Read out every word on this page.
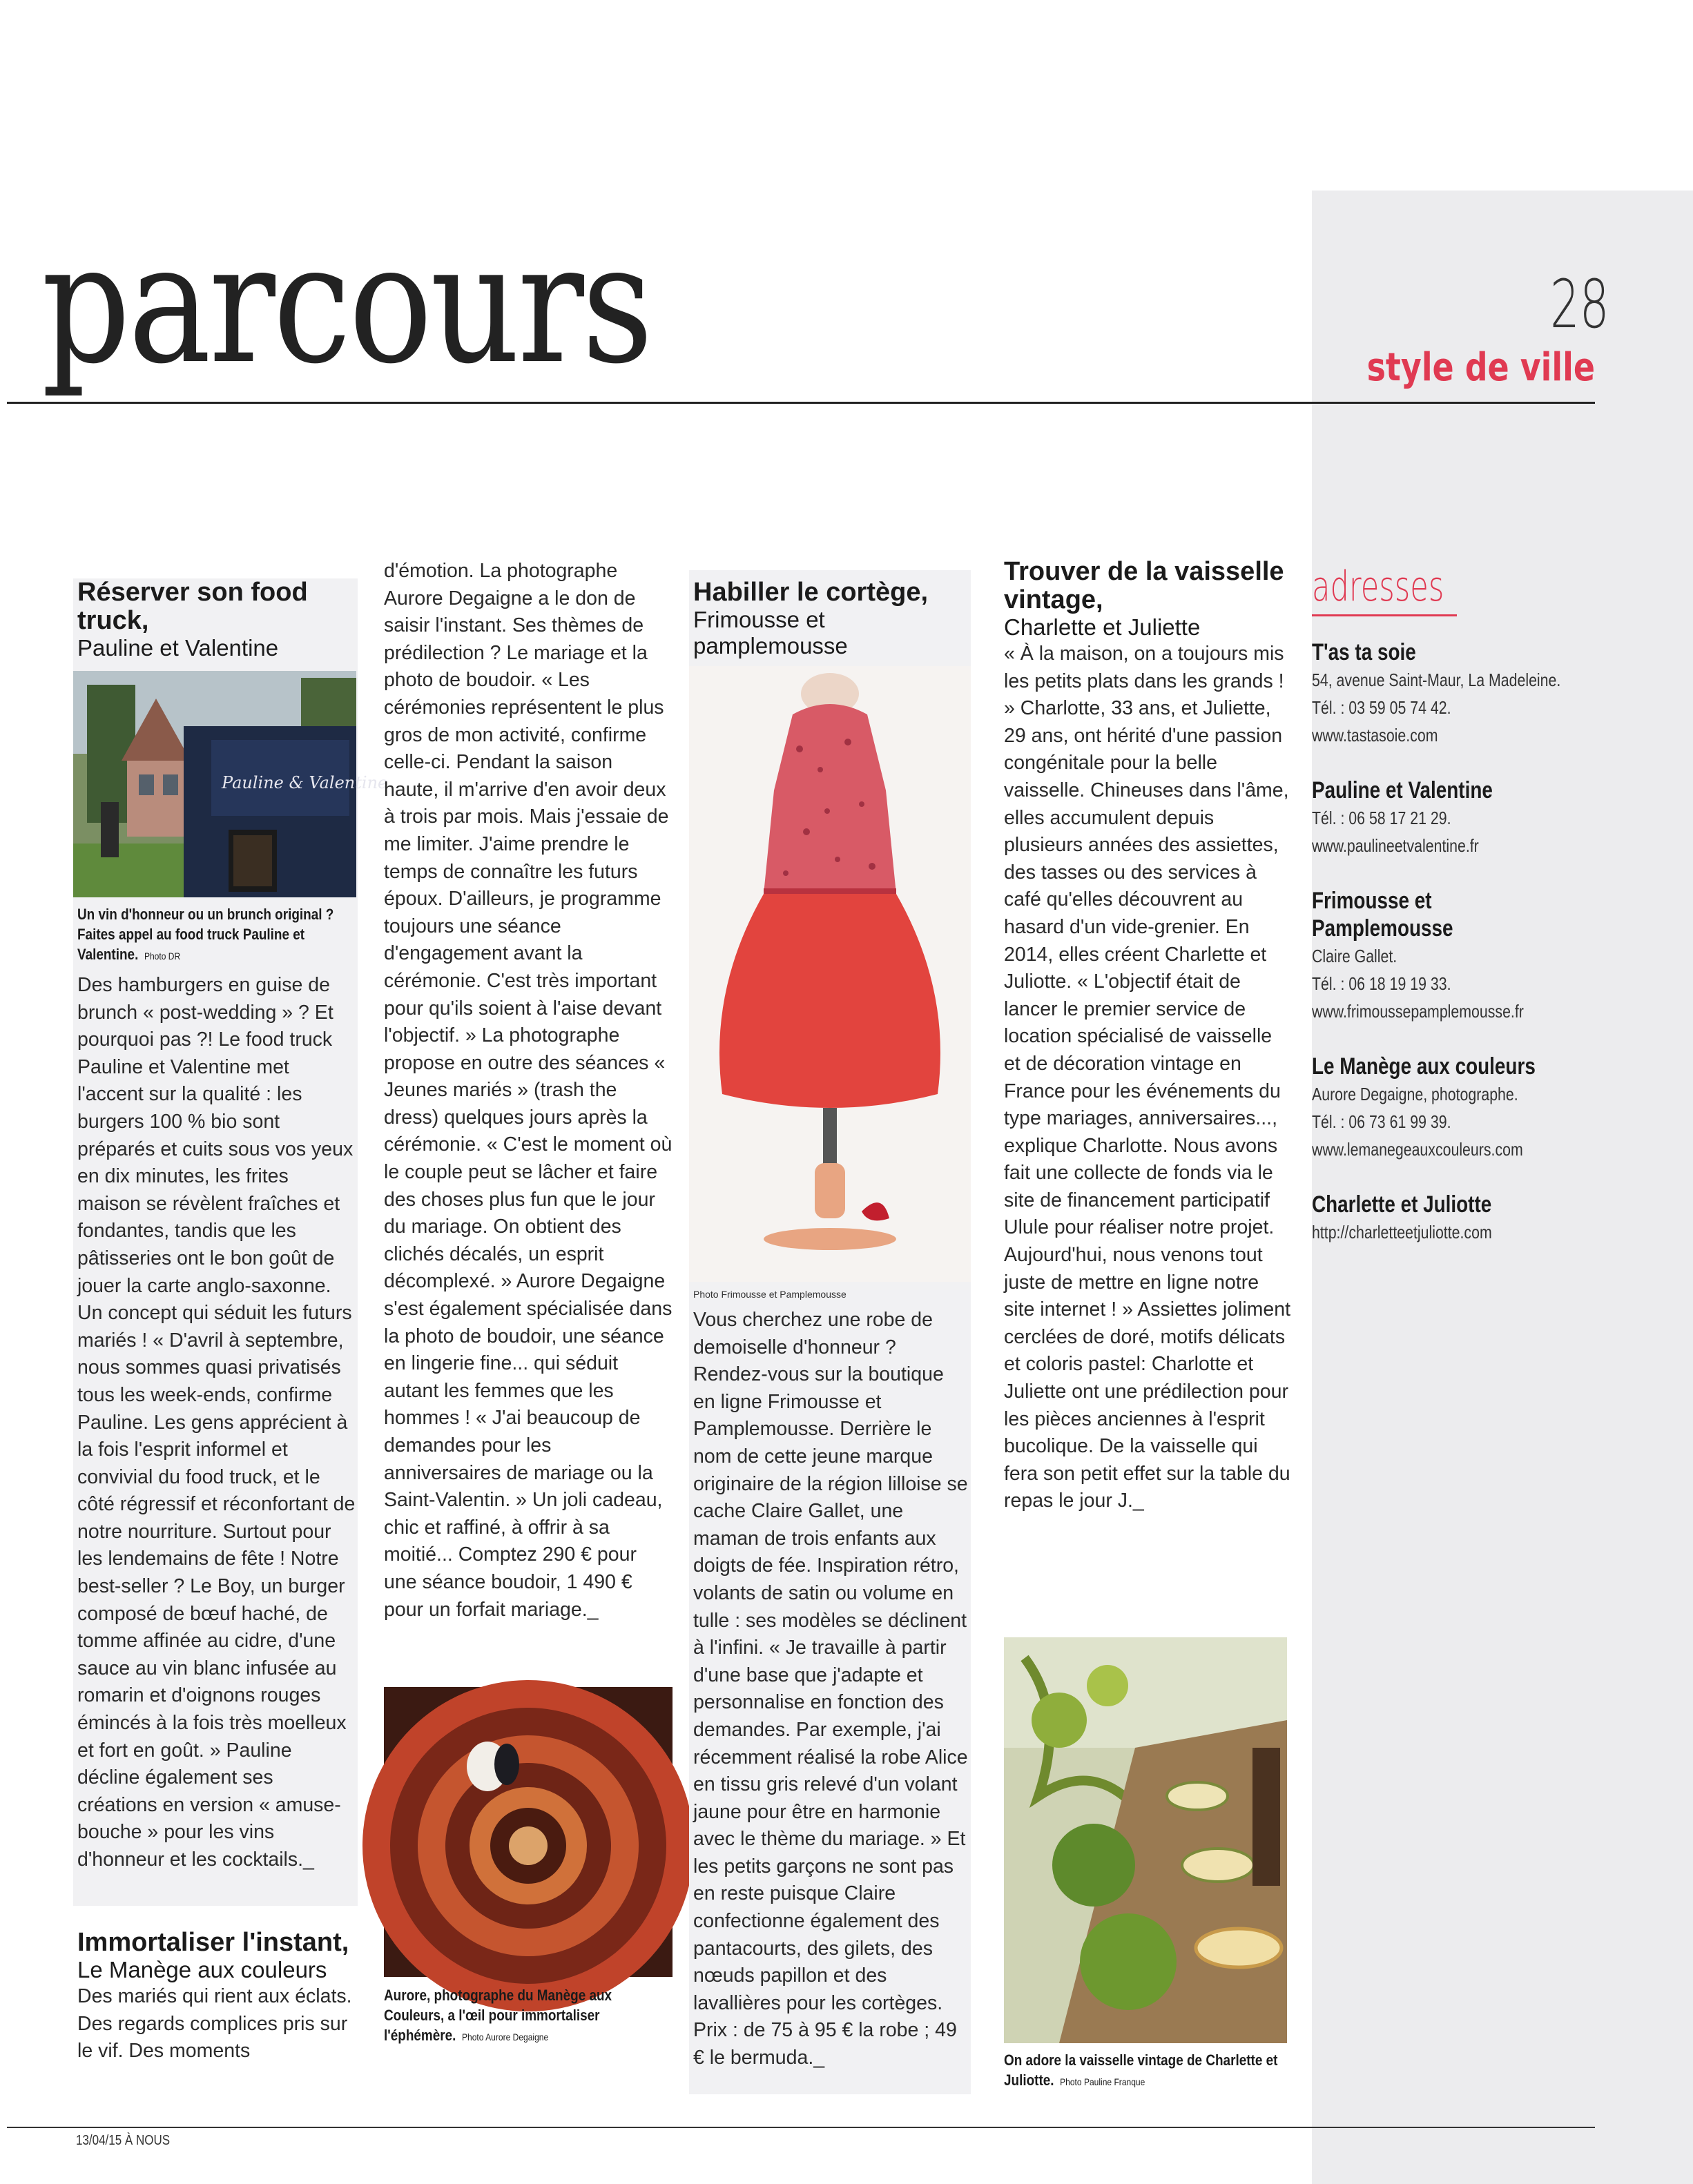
parcours	28
style de ville
Réserver son food truck,
Pauline et Valentine
Pauline & Valentine
Un vin d'honneur ou un brunch original ? Faites appel au food truck Pauline et Valentine. Photo DR
Des hamburgers en guise de brunch « post-wedding » ? Et pourquoi pas ?! Le food truck Pauline et Valentine met l'accent sur la qualité : les burgers 100 % bio sont préparés et cuits sous vos yeux en dix minutes, les frites maison se révèlent fraîches et fondantes, tandis que les pâtisseries ont le bon goût de jouer la carte anglo-saxonne. Un concept qui séduit les futurs mariés ! « D'avril à septembre, nous sommes quasi privatisés tous les week-ends, confirme Pauline. Les gens apprécient à la fois l'esprit informel et convivial du food truck, et le côté régressif et réconfortant de notre nourriture. Surtout pour les lendemains de fête ! Notre best-seller ? Le Boy, un burger composé de bœuf haché, de tomme affinée au cidre, d'une sauce au vin blanc infusée au romarin et d'oignons rouges émincés à la fois très moelleux et fort en goût. » Pauline décline également ses créations en version « amuse-bouche » pour les vins d'honneur et les cocktails._
Immortaliser l'instant,
Le Manège aux couleurs
Des mariés qui rient aux éclats. Des regards complices pris sur le vif. Des moments
d'émotion. La photographe Aurore Degaigne a le don de saisir l'instant. Ses thèmes de prédilection ? Le mariage et la photo de boudoir. « Les cérémonies représentent le plus gros de mon activité, confirme celle-ci. Pendant la saison haute, il m'arrive d'en avoir deux à trois par mois. Mais j'essaie de me limiter. J'aime prendre le temps de connaître les futurs époux. D'ailleurs, je programme toujours une séance d'engagement avant la cérémonie. C'est très important pour qu'ils soient à l'aise devant l'objectif. » La photographe propose en outre des séances « Jeunes mariés » (trash the dress) quelques jours après la cérémonie. « C'est le moment où le couple peut se lâcher et faire des choses plus fun que le jour du mariage. On obtient des clichés décalés, un esprit décomplexé. » Aurore Degaigne s'est également spécialisée dans la photo de boudoir, une séance en lingerie fine... qui séduit autant les femmes que les hommes ! « J'ai beaucoup de demandes pour les anniversaires de mariage ou la Saint-Valentin. » Un joli cadeau, chic et raffiné, à offrir à sa moitié... Comptez 290 € pour une séance boudoir, 1 490 € pour un forfait mariage._
Aurore, photographe du Manège aux Couleurs, a l'œil pour immortaliser l'éphémère. Photo Aurore Degaigne
Habiller le cortège,
Frimousse et pamplemousse
Photo Frimousse et Pamplemousse
Vous cherchez une robe de demoiselle d'honneur ? Rendez-vous sur la boutique en ligne Frimousse et Pamplemousse. Derrière le nom de cette jeune marque originaire de la région lilloise se cache Claire Gallet, une maman de trois enfants aux doigts de fée. Inspiration rétro, volants de satin ou volume en tulle : ses modèles se déclinent à l'infini. « Je travaille à partir d'une base que j'adapte et personnalise en fonction des demandes. Par exemple, j'ai récemment réalisé la robe Alice en tissu gris relevé d'un volant jaune pour être en harmonie avec le thème du mariage. » Et les petits garçons ne sont pas en reste puisque Claire confectionne également des pantacourts, des gilets, des nœuds papillon et des lavallières pour les cortèges. Prix : de 75 à 95 € la robe ; 49 € le bermuda._
Trouver de la vaisselle vintage,
Charlette et Juliette
« À la maison, on a toujours mis les petits plats dans les grands ! » Charlotte, 33 ans, et Juliette, 29 ans, ont hérité d'une passion congénitale pour la belle vaisselle. Chineuses dans l'âme, elles accumulent depuis plusieurs années des assiettes, des tasses ou des services à café qu'elles découvrent au hasard d'un vide-grenier. En 2014, elles créent Charlette et Juliotte. « L'objectif était de lancer le premier service de location spécialisé de vaisselle et de décoration vintage en France pour les événements du type mariages, anniversaires..., explique Charlotte. Nous avons fait une collecte de fonds via le site de financement participatif Ulule pour réaliser notre projet. Aujourd'hui, nous venons tout juste de mettre en ligne notre site internet ! » Assiettes joliment cerclées de doré, motifs délicats et coloris pastel: Charlotte et Juliette ont une prédilection pour les pièces anciennes à l'esprit bucolique. De la vaisselle qui fera son petit effet sur la table du repas le jour J._
On adore la vaisselle vintage de Charlette et Juliotte. Photo Pauline Franque
adresses
T'as ta soie
54, avenue Saint-Maur, La Madeleine.
Tél. : 03 59 05 74 42.
www.tastasoie.com
Pauline et Valentine
Tél. : 06 58 17 21 29.
www.paulineetvalentine.fr
Frimousse et Pamplemousse
Claire Gallet.
Tél. : 06 18 19 19 33.
www.frimoussepamplemousse.fr
Le Manège aux couleurs
Aurore Degaigne, photographe.
Tél. : 06 73 61 99 39.
www.lemanegeauxcouleurs.com
Charlette et Juliotte
http://charletteetjuliotte.com
13/04/15 À NOUS
